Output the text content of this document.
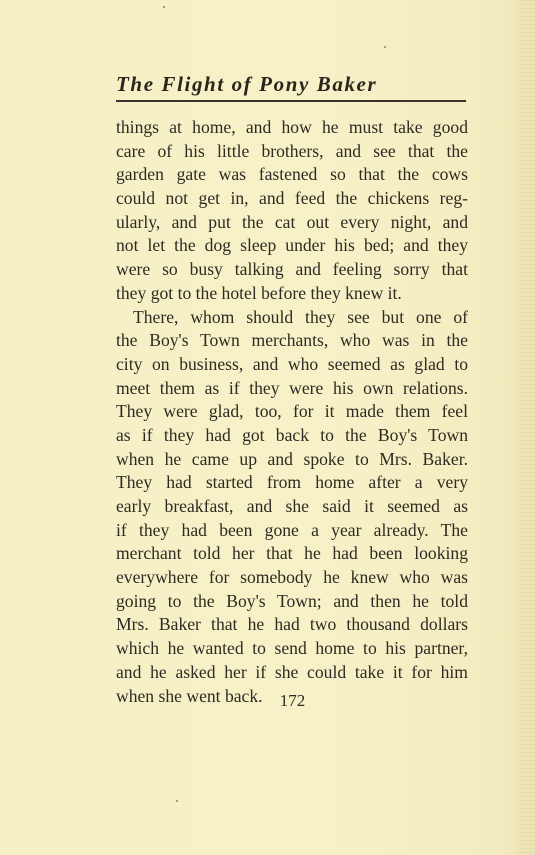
The Flight of Pony Baker
things at home, and how he must take good
care of his little brothers, and see that the
garden gate was fastened so that the cows
could not get in, and feed the chickens reg-
ularly, and put the cat out every night, and
not let the dog sleep under his bed; and they
were so busy talking and feeling sorry that
they got to the hotel before they knew it.
There, whom should they see but one of
the Boy's Town merchants, who was in the
city on business, and who seemed as glad to
meet them as if they were his own relations.
They were glad, too, for it made them feel
as if they had got back to the Boy's Town
when he came up and spoke to Mrs. Baker.
They had started from home after a very
early breakfast, and she said it seemed as
if they had been gone a year already. The
merchant told her that he had been looking
everywhere for somebody he knew who was
going to the Boy's Town; and then he told
Mrs. Baker that he had two thousand dollars
which he wanted to send home to his partner,
and he asked her if she could take it for him
when she went back.	172
